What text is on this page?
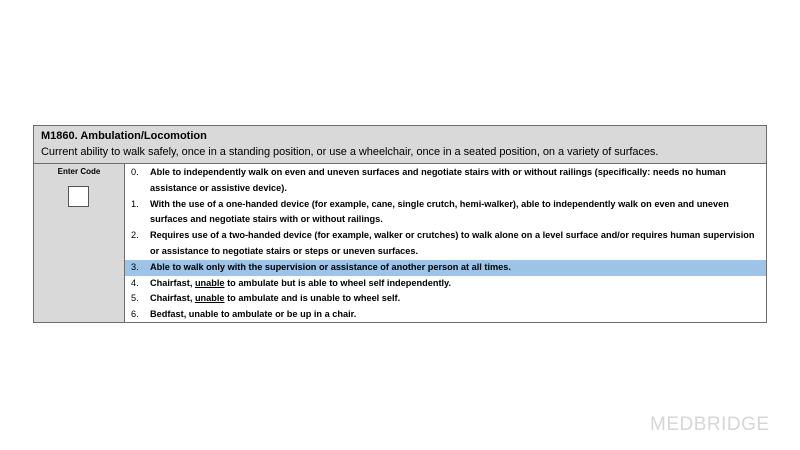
M1860. Ambulation/Locomotion
Current ability to walk safely, once in a standing position, or use a wheelchair, once in a seated position, on a variety of surfaces.
Enter Code	0.	Able to independently walk on even and uneven surfaces and negotiate stairs with or without railings (specifically: needs no human assistance or assistive device).
1.	With the use of a one-handed device (for example, cane, single crutch, hemi-walker), able to independently walk on even and uneven surfaces and negotiate stairs with or without railings.
2.	Requires use of a two-handed device (for example, walker or crutches) to walk alone on a level surface and/or requires human supervision or assistance to negotiate stairs or steps or uneven surfaces.
3.	Able to walk only with the supervision or assistance of another person at all times.
4.	Chairfast, unable to ambulate but is able to wheel self independently.
5.	Chairfast, unable to ambulate and is unable to wheel self.
6.	Bedfast, unable to ambulate or be up in a chair.
MEDBRIDGE
